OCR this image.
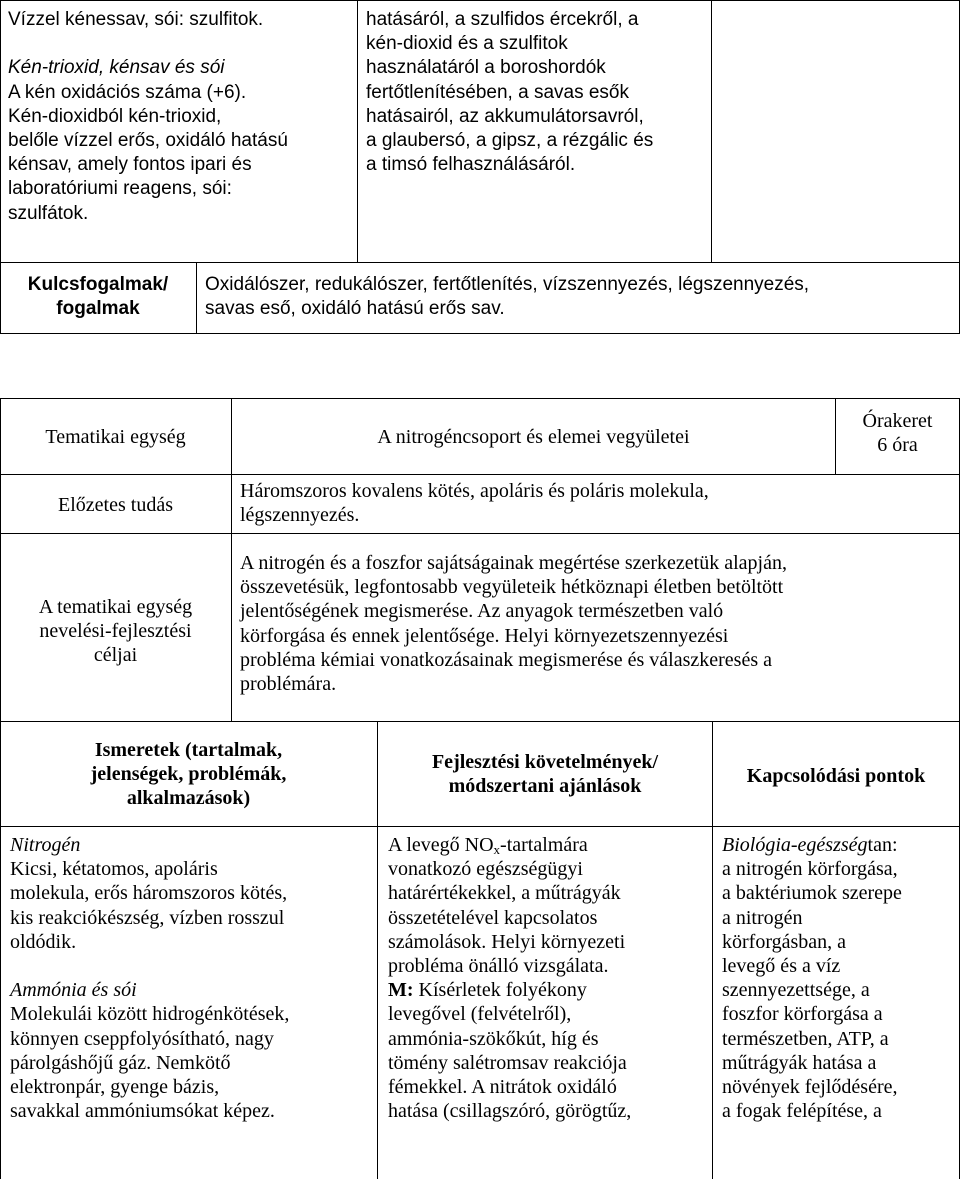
Vízzel kénessav, sói: szulfitok.

Kén-trioxid, kénsav és sói
A kén oxidációs száma (+6).
Kén-dioxidból kén-trioxid,
belőle vízzel erős, oxidáló hatású
kénsav, amely fontos ipari és
laboratóriumi reagens, sói:
szulfátok.
hatásáról, a szulfidos ércekről, a
kén-dioxid és a szulfitok
használatáról a boroshordók
fertőtlenítésében, a savas esők
hatásairól, az akkumulátorsavról,
a glaubersó, a gipsz, a rézgálic és
a timsó felhasználásáról.
Kulcsfogalmak/
fogalmak
Oxidálószer, redukálószer, fertőtlenítés, vízszennyezés, légszennyezés,
savas eső, oxidáló hatású erős sav.
Tematikai egység	A nitrogéncsoport és elemei vegyületei
Órakeret
6 óra
Előzetes tudás
Háromszoros kovalens kötés, apoláris és poláris molekula,
légszennyezés.
A tematikai egység
nevelési-fejlesztési
céljai
A nitrogén és a foszfor sajátságainak megértése szerkezetük alapján,
összevetésük, legfontosabb vegyületeik hétköznapi életben betöltött
jelentőségének megismerése. Az anyagok természetben való
körforgása és ennek jelentősége. Helyi környezetszennyezési
probléma kémiai vonatkozásainak megismerése és válaszkeresés a
problémára.
Ismeretek (tartalmak,
jelenségek, problémák,
alkalmazások)
Fejlesztési követelmények/
módszertani ajánlások	Kapcsolódási pontok
Nitrogén
Kicsi, kétatomos, apoláris
molekula, erős háromszoros kötés,
kis reakciókészség, vízben rosszul
oldódik.

Ammónia és sói
Molekulái között hidrogénkötések,
könnyen cseppfolyósítható, nagy
párolgáshőjű gáz. Nemkötő
elektronpár, gyenge bázis,
savakkal ammóniumsókat képez.
A levegő $NO_x$-tartalmára
vonatkozó egészségügyi
határértékekkel, a műtrágyák
összetételével kapcsolatos
számolások. Helyi környezeti
probléma önálló vizsgálata.
M: Kísérletek folyékony
levegővel (felvételről),
ammónia-szökőkút, híg és
tömény salétromsav reakciója
fémekkel. A nitrátok oxidáló
hatása (csillagszóró, görögtűz,
Biológia-egészségtan:
a nitrogén körforgása,
a baktériumok szerepe
a nitrogén
körforgásban, a
levegő és a víz
szennyezettsége, a
foszfor körforgása a
természetben, ATP, a
műtrágyák hatása a
növények fejlődésére,
a fogak felépítése, a
